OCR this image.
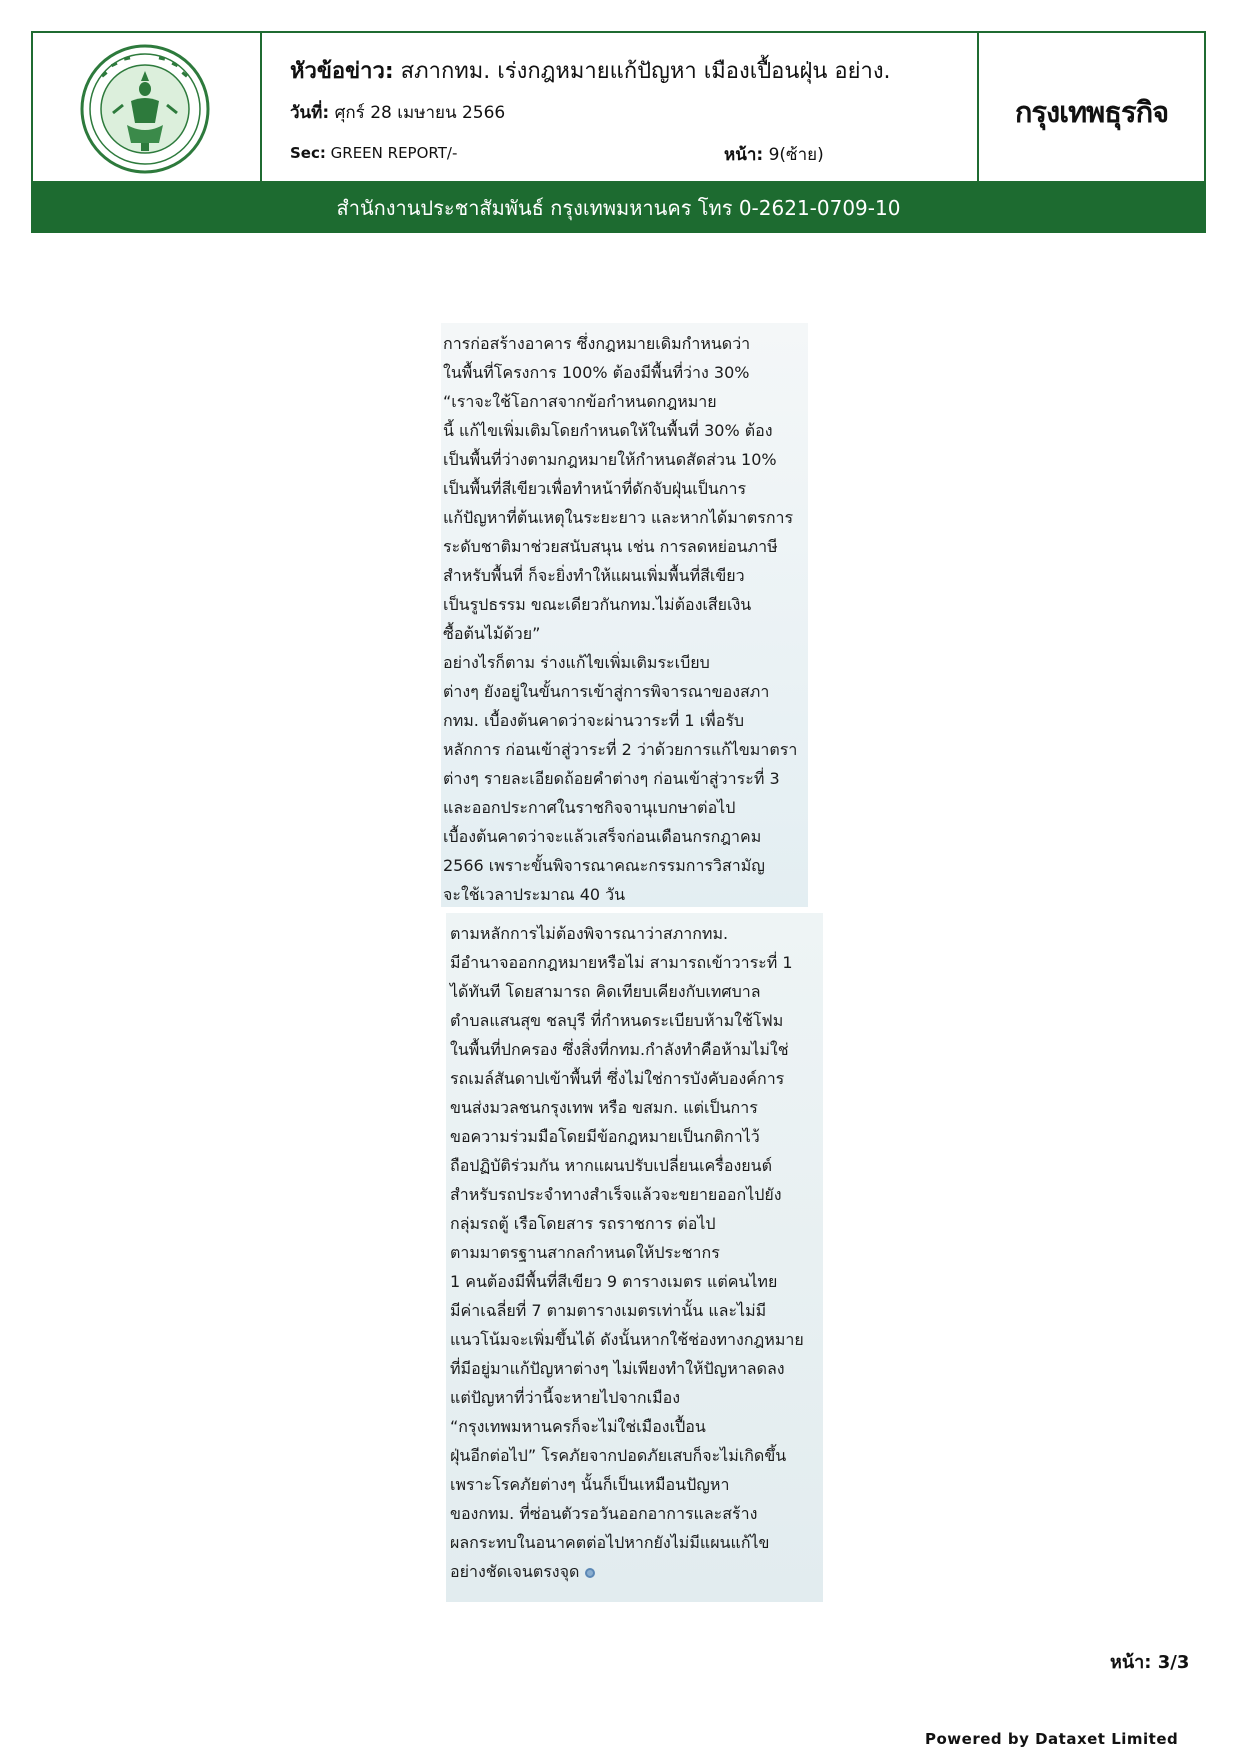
หัวข้อข่าว: สภากทม. เร่งกฎหมายแก้ปัญหา เมืองเปื้อนฝุ่น อย่าง.
วันที่: ศุกร์ 28 เมษายน 2566
Sec: GREEN REPORT/-	หน้า: 9(ซ้าย)
กรุงเทพธุรกิจ
สำนักงานประชาสัมพันธ์ กรุงเทพมหานคร โทร 0-2621-0709-10
การก่อสร้างอาคาร ซึ่งกฎหมายเดิมกำหนดว่า
ในพื้นที่โครงการ 100% ต้องมีพื้นที่ว่าง 30%
“เราจะใช้โอกาสจากข้อกำหนดกฎหมาย
นี้ แก้ไขเพิ่มเติมโดยกำหนดให้ในพื้นที่ 30% ต้อง
เป็นพื้นที่ว่างตามกฎหมายให้กำหนดสัดส่วน 10%
เป็นพื้นที่สีเขียวเพื่อทำหน้าที่ดักจับฝุ่นเป็นการ
แก้ปัญหาที่ต้นเหตุในระยะยาว และหากได้มาตรการ
ระดับชาติมาช่วยสนับสนุน เช่น การลดหย่อนภาษี
สำหรับพื้นที่ ก็จะยิ่งทำให้แผนเพิ่มพื้นที่สีเขียว
เป็นรูปธรรม ขณะเดียวกันกทม.ไม่ต้องเสียเงิน
ซื้อต้นไม้ด้วย”
อย่างไรก็ตาม ร่างแก้ไขเพิ่มเติมระเบียบ
ต่างๆ ยังอยู่ในขั้นการเข้าสู่การพิจารณาของสภา
กทม. เบื้องต้นคาดว่าจะผ่านวาระที่ 1 เพื่อรับ
หลักการ ก่อนเข้าสู่วาระที่ 2 ว่าด้วยการแก้ไขมาตรา
ต่างๆ รายละเอียดถ้อยคำต่างๆ ก่อนเข้าสู่วาระที่ 3
และออกประกาศในราชกิจจานุเบกษาต่อไป
เบื้องต้นคาดว่าจะแล้วเสร็จก่อนเดือนกรกฎาคม
2566 เพราะขั้นพิจารณาคณะกรรมการวิสามัญ
จะใช้เวลาประมาณ 40 วัน
ตามหลักการไม่ต้องพิจารณาว่าสภากทม.
มีอำนาจออกกฎหมายหรือไม่ สามารถเข้าวาระที่ 1
ได้ทันที โดยสามารถ คิดเทียบเคียงกับเทศบาล
ตำบลแสนสุข ชลบุรี ที่กำหนดระเบียบห้ามใช้โฟม
ในพื้นที่ปกครอง ซึ่งสิ่งที่กทม.กำลังทำคือห้ามไม่ใช่
รถเมล์สันดาปเข้าพื้นที่ ซึ่งไม่ใช่การบังคับองค์การ
ขนส่งมวลชนกรุงเทพ หรือ ขสมก. แต่เป็นการ
ขอความร่วมมือโดยมีข้อกฎหมายเป็นกติกาไว้
ถือปฏิบัติร่วมกัน หากแผนปรับเปลี่ยนเครื่องยนต์
สำหรับรถประจำทางสำเร็จแล้วจะขยายออกไปยัง
กลุ่มรถตู้ เรือโดยสาร รถราชการ ต่อไป
ตามมาตรฐานสากลกำหนดให้ประชากร
1 คนต้องมีพื้นที่สีเขียว 9 ตารางเมตร แต่คนไทย
มีค่าเฉลี่ยที่ 7 ตามตารางเมตรเท่านั้น และไม่มี
แนวโน้มจะเพิ่มขึ้นได้ ดังนั้นหากใช้ช่องทางกฎหมาย
ที่มีอยู่มาแก้ปัญหาต่างๆ ไม่เพียงทำให้ปัญหาลดลง
แต่ปัญหาที่ว่านี้จะหายไปจากเมือง
“กรุงเทพมหานครก็จะไม่ใช่เมืองเปื้อน
ฝุ่นอีกต่อไป” โรคภัยจากปอดภัยเสบก็จะไม่เกิดขึ้น
เพราะโรคภัยต่างๆ นั้นก็เป็นเหมือนปัญหา
ของกทม. ที่ซ่อนตัวรอวันออกอาการและสร้าง
ผลกระทบในอนาคตต่อไปหากยังไม่มีแผนแก้ไข
อย่างชัดเจนตรงจุด
หน้า: 3/3
Powered by Dataxet Limited
